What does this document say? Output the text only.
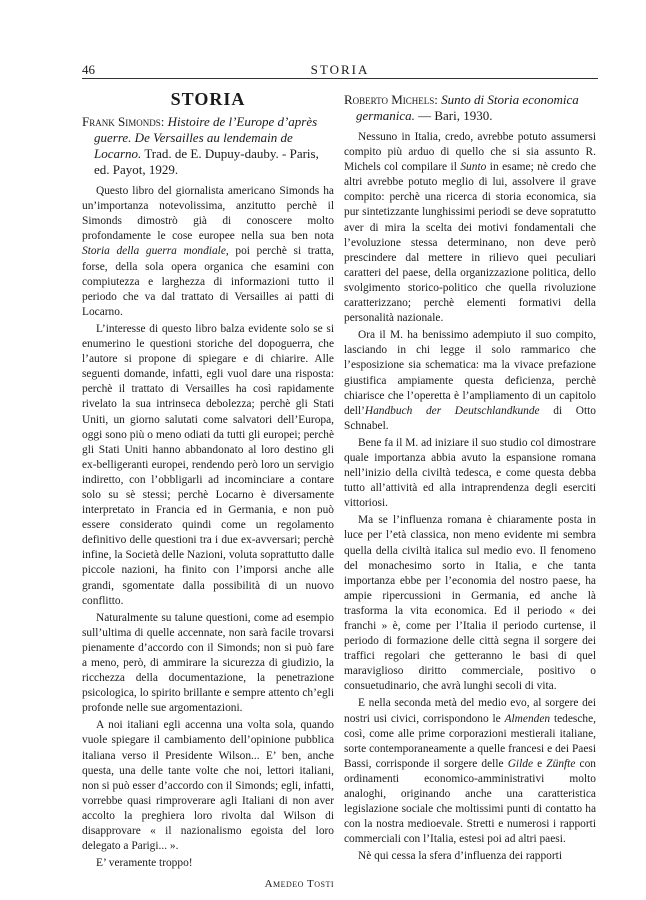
46	STORIA
STORIA

Frank Simonds: Histoire de l’Europe d’après guerre. De Versailles au lendemain de Locarno. Trad. de E. Dupuy-dauby. - Paris, ed. Payot, 1929.

Questo libro del giornalista americano Simonds ha un’importanza notevolissima, anzitutto perchè il Simonds dimostrò già di conoscere molto profondamente le cose europee nella sua ben nota Storia della guerra mondiale, poi perchè si tratta, forse, della sola opera organica che esamini con compiutezza e larghezza di informazioni tutto il periodo che va dal trattato di Versailles ai patti di Locarno.

L’interesse di questo libro balza evidente solo se si enumerino le questioni storiche del dopoguerra, che l’autore si propone di spiegare e di chiarire. Alle seguenti domande, infatti, egli vuol dare una risposta: perchè il trattato di Versailles ha così rapidamente rivelato la sua intrinseca debolezza; perchè gli Stati Uniti, un giorno salutati come salvatori dell’Europa, oggi sono più o meno odiati da tutti gli europei; perchè gli Stati Uniti hanno abbandonato al loro destino gli ex-belligeranti europei, rendendo però loro un servigio indiretto, con l’obbligarli ad incominciare a contare solo su sè stessi; perchè Locarno è diversamente interpretato in Francia ed in Germania, e non può essere considerato quindi come un regolamento definitivo delle questioni tra i due ex-avversari; perchè infine, la Società delle Nazioni, voluta soprattutto dalle piccole nazioni, ha finito con l’imporsi anche alle grandi, sgomentate dalla possibilità di un nuovo conflitto.

Naturalmente su talune questioni, come ad esempio sull’ultima di quelle accennate, non sarà facile trovarsi pienamente d’accordo con il Simonds; non si può fare a meno, però, di ammirare la sicurezza di giudizio, la ricchezza della documentazione, la penetrazione psicologica, lo spirito brillante e sempre attento ch’egli profonde nelle sue argomentazioni.

A noi italiani egli accenna una volta sola, quando vuole spiegare il cambiamento dell’opinione pubblica italiana verso il Presidente Wilson... E’ ben, anche questa, una delle tante volte che noi, lettori italiani, non si può esser d’accordo con il Simonds; egli, infatti, vorrebbe quasi rimproverare agli Italiani di non aver accolto la preghiera loro rivolta dal Wilson di disapprovare « il nazionalismo egoista del loro delegato a Parigi... ».

E’ veramente troppo!

Amedeo Tosti

Roberto Michels: Sunto di Storia economica germanica. — Bari, 1930.

Nessuno in Italia, credo, avrebbe potuto assumersi compito più arduo di quello che si sia assunto R. Michels col compilare il Sunto in esame; nè credo che altri avrebbe potuto meglio di lui, assolvere il grave compito: perchè una ricerca di storia economica, sia pur sintetizzante lunghissimi periodi se deve sopratutto aver di mira la scelta dei motivi fondamentali che l’evoluzione stessa determinano, non deve però prescindere dal mettere in rilievo quei peculiari caratteri del paese, della organizzazione politica, dello svolgimento storico-politico che quella rivoluzione caratterizzano; perchè elementi formativi della personalità nazionale.

Ora il M. ha benissimo adempiuto il suo compito, lasciando in chi legge il solo rammarico che l’esposizione sia schematica: ma la vivace prefazione giustifica ampiamente questa deficienza, perchè chiarisce che l’operetta è l’ampliamento di un capitolo dell’Handbuch der Deutschlandkunde di Otto Schnabel.

Bene fa il M. ad iniziare il suo studio col dimostrare quale importanza abbia avuto la espansione romana nell’inizio della civiltà tedesca, e come questa debba tutto all’attività ed alla intraprendenza degli eserciti vittoriosi.

Ma se l’influenza romana è chiaramente posta in luce per l’età classica, non meno evidente mi sembra quella della civiltà italica sul medio evo. Il fenomeno del monachesimo sorto in Italia, e che tanta importanza ebbe per l’economia del nostro paese, ha ampie ripercussioni in Germania, ed anche là trasforma la vita economica. Ed il periodo « dei franchi » è, come per l’Italia il periodo curtense, il periodo di formazione delle città segna il sorgere dei traffici regolari che getteranno le basi di quel maraviglioso diritto commerciale, positivo o consuetudinario, che avrà lunghi secoli di vita.

E nella seconda metà del medio evo, al sorgere dei nostri usi civici, corrispondono le Almenden tedesche, così, come alle prime corporazioni mestierali italiane, sorte contemporaneamente a quelle francesi e dei Paesi Bassi, corrisponde il sorgere delle Gilde e Zünfte con ordinamenti economico-amministrativi molto analoghi, originando anche una caratteristica legislazione sociale che moltissimi punti di contatto ha con la nostra medioevale. Stretti e numerosi i rapporti commerciali con l’Italia, estesi poi ad altri paesi.

Nè qui cessa la sfera d’influenza dei rapporti
